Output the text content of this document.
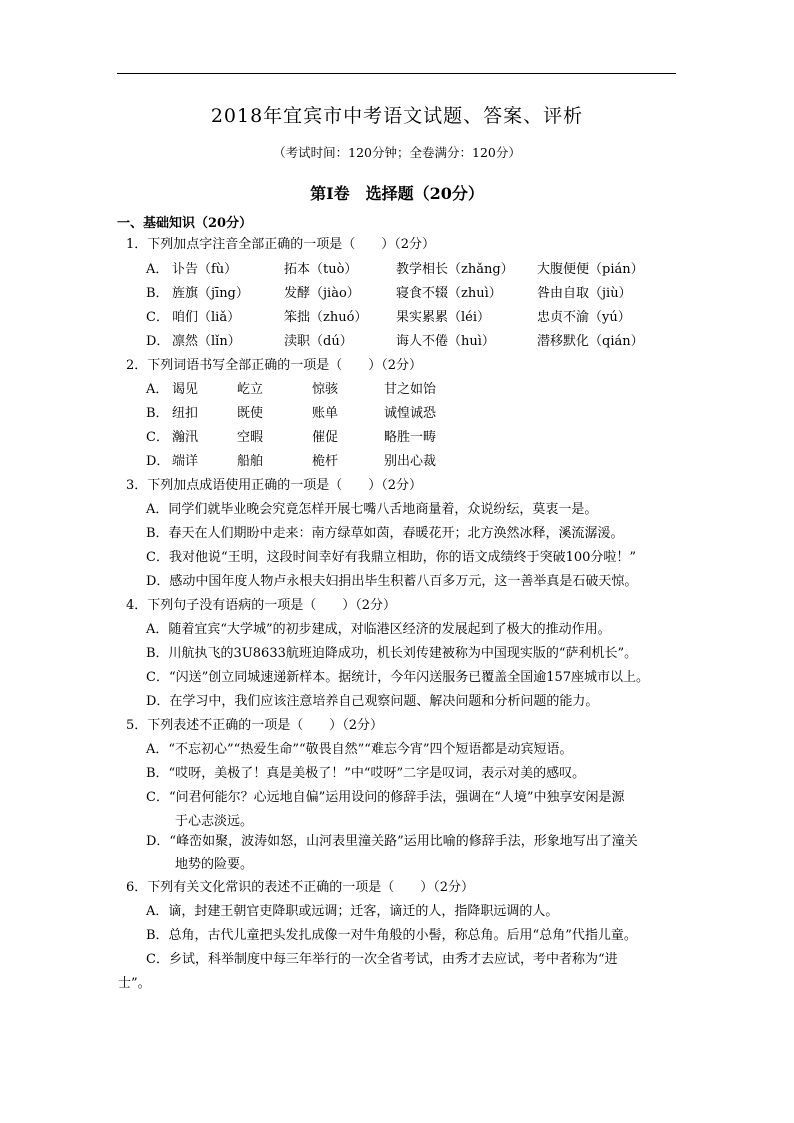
2018年宜宾市中考语文试题、答案、评析
（考试时间：120分钟；全卷满分：120分）
第Ⅰ卷　选择题（20分）
一、基础知识（20分）
1．下列加点字注音全部正确的一项是（　　）（2分）
A． 讣告（fù）	拓本（tuò）	教学相长（zhǎng）	大腹便便（pián）
B． 旌旗（jīng）	发酵（jiào）	寝食不辍（zhuì）	咎由自取（jiù）
C． 咱们（liǎ）	笨拙（zhuó）	果实累累（léi）	忠贞不渝（yú）
D． 凛然（lǐn）	渎职（dú）	诲人不倦（huì）	潜移默化（qián）
2．下列词语书写全部正确的一项是（　　）（2分）
A． 谒见	屹立	惊骇	甘之如饴
B． 纽扣	既使	账单	诚惶诚恐
C． 瀚汛	空暇	催促	略胜一畴
D． 端详	船舶	桅杆	别出心裁
3．下列加点成语使用正确的一项是（　　）（2分）
A．同学们就毕业晚会究竟怎样开展七嘴八舌地商量着，众说纷纭，莫衷一是。
B．春天在人们期盼中走来：南方绿草如茵，春暖花开；北方涣然冰释，溪流潺湲。
C．我对他说“王明，这段时间幸好有我鼎立相助，你的语文成绩终于突破100分啦！”
D．感动中国年度人物卢永根夫妇捐出毕生积蓄八百多万元，这一善举真是石破天惊。
4．下列句子没有语病的一项是（　　）（2分）
A．随着宜宾“大学城”的初步建成，对临港区经济的发展起到了极大的推动作用。
B．川航执飞的3U8633航班迫降成功，机长刘传建被称为中国现实版的“萨利机长”。
C．“闪送”创立同城速递新样本。据统计，今年闪送服务已覆盖全国逾157座城市以上。
D．在学习中，我们应该注意培养自己观察问题、解决问题和分析问题的能力。
5．下列表述不正确的一项是（　　）（2分）
A．“不忘初心”“热爱生命”“敬畏自然”“难忘今宵”四个短语都是动宾短语。
B．“哎呀，美极了！真是美极了！”中“哎呀”二字是叹词，表示对美的感叹。
C．“问君何能尔？心远地自偏”运用设问的修辞手法，强调在“人境”中独享安闲是源
于心志淡远。
D．“峰峦如聚，波涛如怒，山河表里潼关路”运用比喻的修辞手法，形象地写出了潼关
地势的险要。
6．下列有关文化常识的表述不正确的一项是（　　）（2分）
A．谪，封建王朝官吏降职或远调；迁客，谪迁的人，指降职远调的人。
B．总角，古代儿童把头发扎成像一对牛角般的小髻，称总角。后用“总角”代指儿童。
C．乡试，科举制度中每三年举行的一次全省考试，由秀才去应试，考中者称为“进
士”。
